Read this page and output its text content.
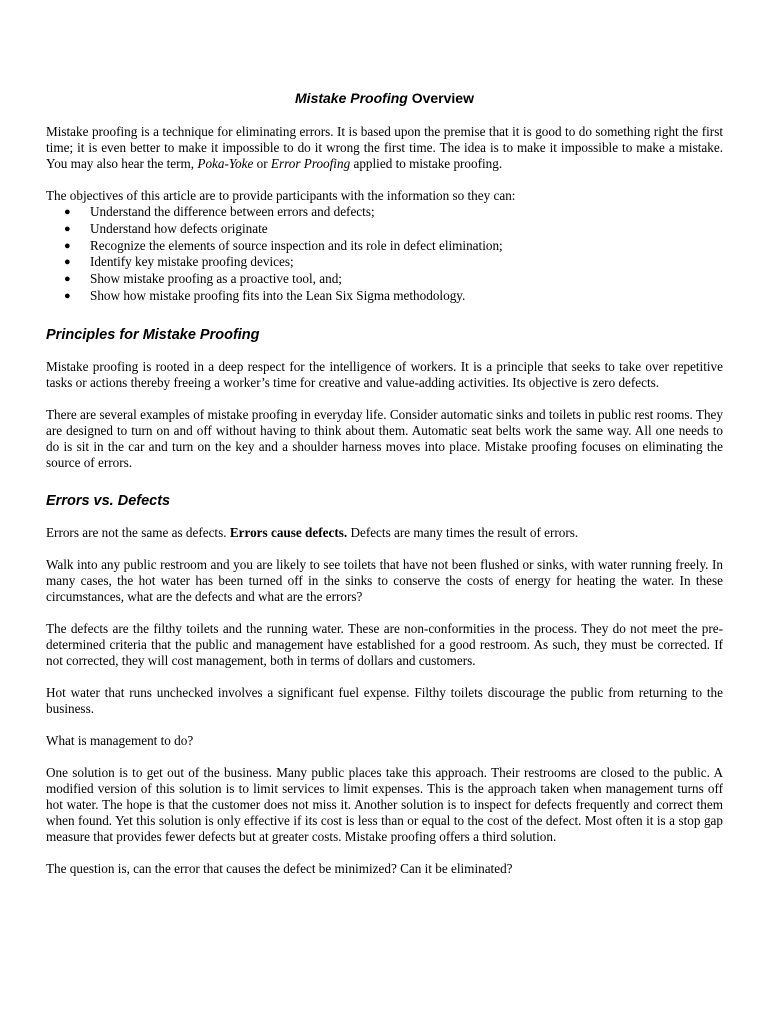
Mistake Proofing Overview

Mistake proofing is a technique for eliminating errors. It is based upon the premise that it is good to do something right the first time; it is even better to make it impossible to do it wrong the first time. The idea is to make it impossible to make a mistake. You may also hear the term, Poka-Yoke or Error Proofing applied to mistake proofing.

The objectives of this article are to provide participants with the information so they can:

● Understand the difference between errors and defects;
● Understand how defects originate
● Recognize the elements of source inspection and its role in defect elimination;
● Identify key mistake proofing devices;
● Show mistake proofing as a proactive tool, and;
● Show how mistake proofing fits into the Lean Six Sigma methodology.
Principles for Mistake Proofing

Mistake proofing is rooted in a deep respect for the intelligence of workers. It is a principle that seeks to take over repetitive tasks or actions thereby freeing a worker’s time for creative and value-adding activities. Its objective is zero defects.

There are several examples of mistake proofing in everyday life. Consider automatic sinks and toilets in public rest rooms. They are designed to turn on and off without having to think about them. Automatic seat belts work the same way. All one needs to do is sit in the car and turn on the key and a shoulder harness moves into place. Mistake proofing focuses on eliminating the source of errors.

Errors vs. Defects

Errors are not the same as defects. Errors cause defects. Defects are many times the result of errors.

Walk into any public restroom and you are likely to see toilets that have not been flushed or sinks, with water running freely. In many cases, the hot water has been turned off in the sinks to conserve the costs of energy for heating the water. In these circumstances, what are the defects and what are the errors?

The defects are the filthy toilets and the running water. These are non-conformities in the process. They do not meet the pre-determined criteria that the public and management have established for a good restroom. As such, they must be corrected. If not corrected, they will cost management, both in terms of dollars and customers.

Hot water that runs unchecked involves a significant fuel expense. Filthy toilets discourage the public from returning to the business.

What is management to do?

One solution is to get out of the business. Many public places take this approach. Their restrooms are closed to the public. A modified version of this solution is to limit services to limit expenses. This is the approach taken when management turns off hot water. The hope is that the customer does not miss it. Another solution is to inspect for defects frequently and correct them when found. Yet this solution is only effective if its cost is less than or equal to the cost of the defect. Most often it is a stop gap measure that provides fewer defects but at greater costs. Mistake proofing offers a third solution.

The question is, can the error that causes the defect be minimized? Can it be eliminated?
